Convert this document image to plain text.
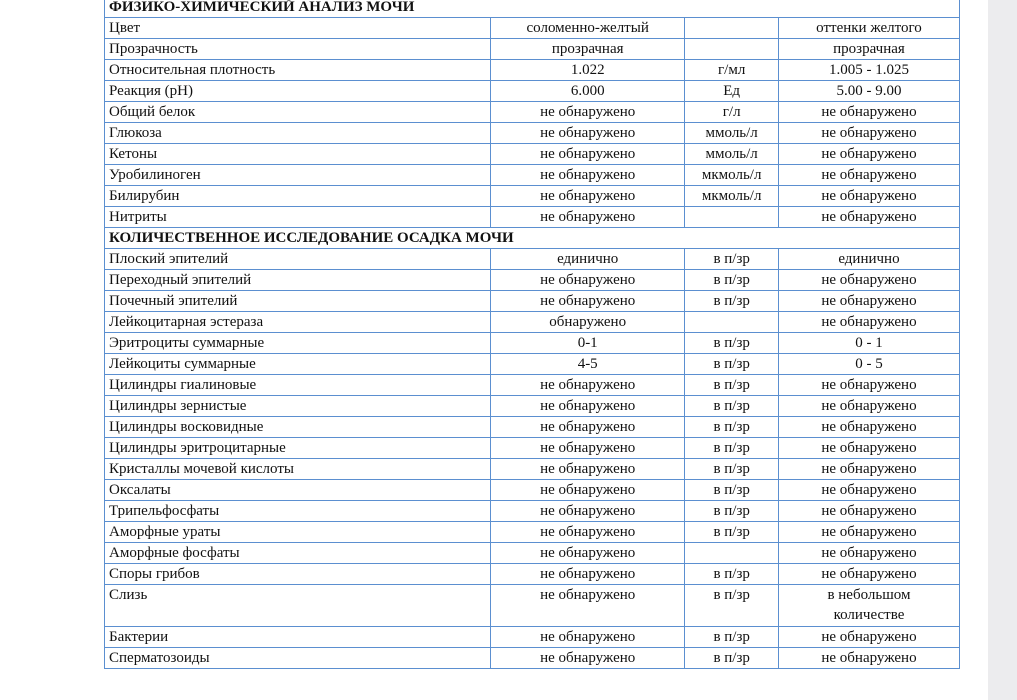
ФИЗИКО-ХИМИЧЕСКИЙ АНАЛИЗ МОЧИ			
Цвет	соломенно-желтый		оттенки желтого
Прозрачность	прозрачная		прозрачная
Относительная плотность	1.022	г/мл	1.005 - 1.025
Реакция (pH)	6.000	Ед	5.00 - 9.00
Общий белок	не обнаружено	г/л	не обнаружено
Глюкоза	не обнаружено	ммоль/л	не обнаружено
Кетоны	не обнаружено	ммоль/л	не обнаружено
Уробилиноген	не обнаружено	мкмоль/л	не обнаружено
Билирубин	не обнаружено	мкмоль/л	не обнаружено
Нитриты	не обнаружено		не обнаружено
КОЛИЧЕСТВЕННОЕ ИССЛЕДОВАНИЕ ОСАДКА МОЧИ			
Плоский эпителий	единично	в п/зр	единично
Переходный эпителий	не обнаружено	в п/зр	не обнаружено
Почечный эпителий	не обнаружено	в п/зр	не обнаружено
Лейкоцитарная эстераза	обнаружено		не обнаружено
Эритроциты суммарные	0-1	в п/зр	0 - 1
Лейкоциты суммарные	4-5	в п/зр	0 - 5
Цилиндры гиалиновые	не обнаружено	в п/зр	не обнаружено
Цилиндры зернистые	не обнаружено	в п/зр	не обнаружено
Цилиндры восковидные	не обнаружено	в п/зр	не обнаружено
Цилиндры эритроцитарные	не обнаружено	в п/зр	не обнаружено
Кристаллы мочевой кислоты	не обнаружено	в п/зр	не обнаружено
Оксалаты	не обнаружено	в п/зр	не обнаружено
Трипельфосфаты	не обнаружено	в п/зр	не обнаружено
Аморфные ураты	не обнаружено	в п/зр	не обнаружено
Аморфные фосфаты	не обнаружено		не обнаружено
Споры грибов	не обнаружено	в п/зр	не обнаружено
Слизь	не обнаружено	в п/зр	в небольшом количестве

Бактерии	не обнаружено	в п/зр	не обнаружено
Сперматозоиды	не обнаружено	в п/зр	не обнаружено
